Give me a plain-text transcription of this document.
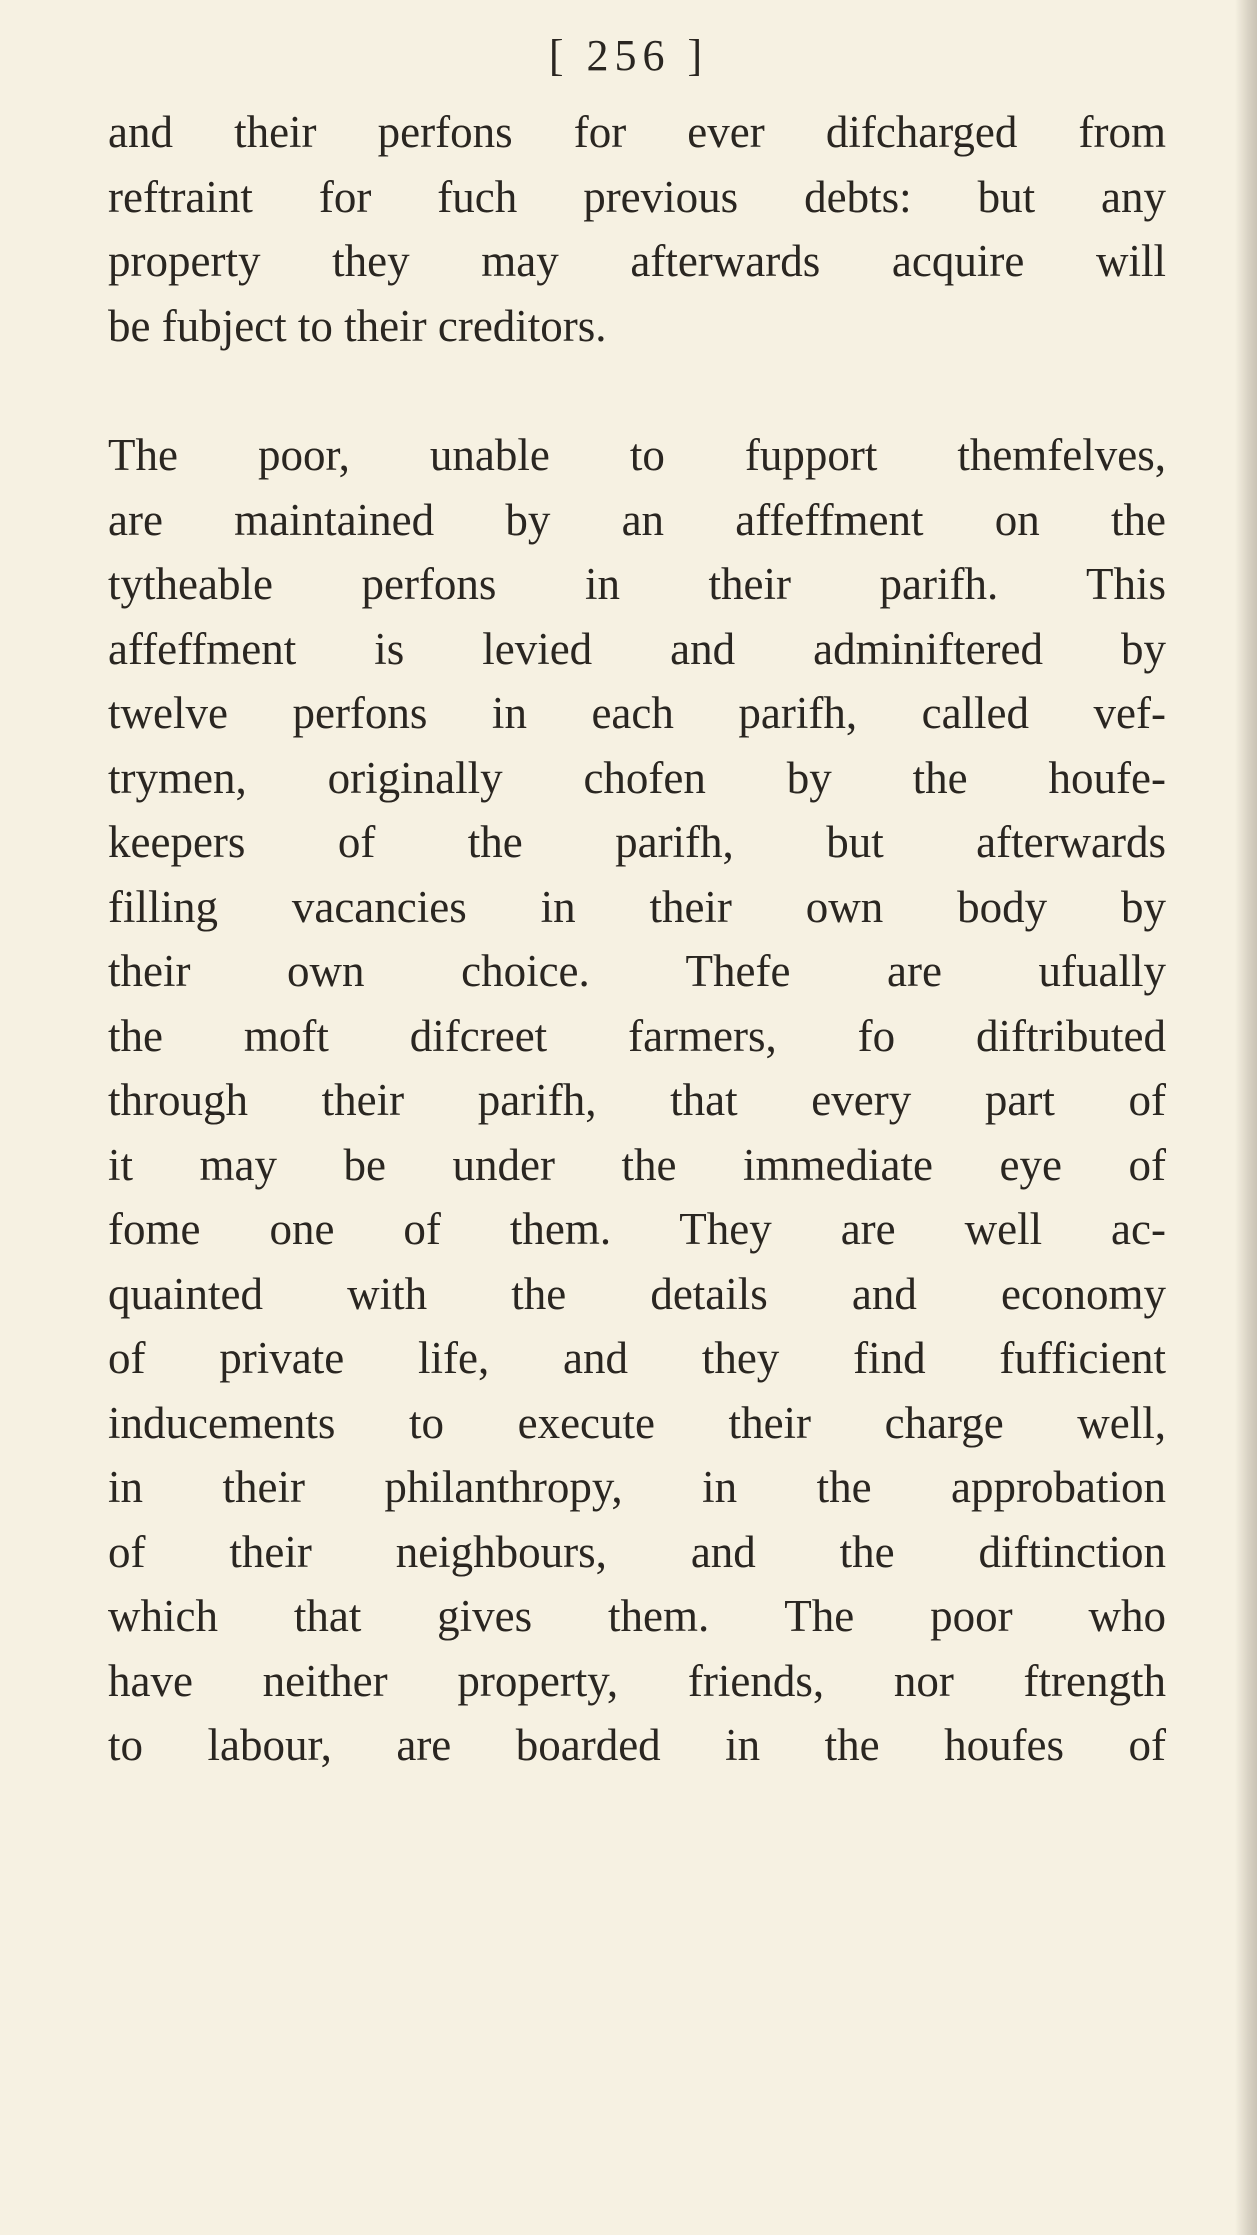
[ 256 ]
and their perfons for ever difcharged from
reftraint for fuch previous debts: but any
property they may afterwards acquire will
be fubject to their creditors.
The poor, unable to fupport themfelves,
are maintained by an affeffment on the
tytheable perfons in their parifh. This
affeffment is levied and adminiftered by
twelve perfons in each parifh, called vef-
trymen, originally chofen by the houfe-
keepers of the parifh, but afterwards
filling vacancies in their own body by
their own choice. Thefe are ufually
the moft difcreet farmers, fo diftributed
through their parifh, that every part of
it may be under the immediate eye of
fome one of them. They are well ac-
quainted with the details and economy
of private life, and they find fufficient
inducements to execute their charge well,
in their philanthropy, in the approbation
of their neighbours, and the diftinction
which that gives them. The poor who
have neither property, friends, nor ftrength
to labour, are boarded in the houfes of
